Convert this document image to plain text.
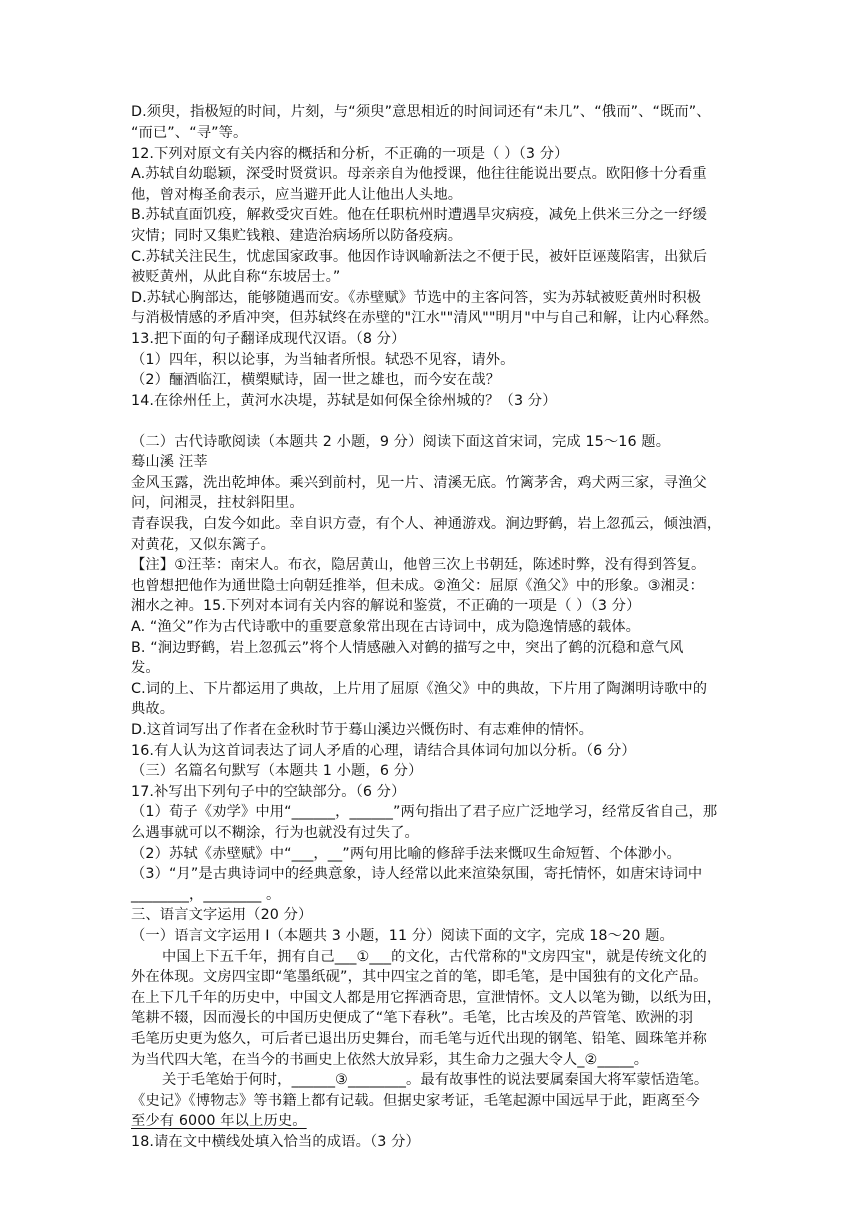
D.须臾，指极短的时间，片刻，与“须臾”意思相近的时间词还有“未几”、“俄而”、“既而”、
“而已”、“寻”等。
12.下列对原文有关内容的概括和分析，不正确的一项是（ ）（3 分）
A.苏轼自幼聪颖，深受时贤赏识。母亲亲自为他授课，他往往能说出要点。欧阳修十分看重
他，曾对梅圣俞表示，应当避开此人让他出人头地。
B.苏轼直面饥疫，解救受灾百姓。他在任职杭州时遭遇旱灾病疫，减免上供米三分之一纾缓
灾情；同时又集贮钱粮、建造治病场所以防备疫病。
C.苏轼关注民生，忧虑国家政事。他因作诗讽喻新法之不便于民，被奸臣诬蔑陷害，出狱后
被贬黄州，从此自称“东坡居士。”
D.苏轼心胸部达，能够随遇而安。《赤壁赋》节选中的主客问答，实为苏轼被贬黄州时积极
与消极情感的矛盾冲突，但苏轼终在赤壁的"江水""清风""明月"中与自己和解，让内心释然。
13.把下面的句子翻译成现代汉语。（8 分）
（1）四年，积以论事，为当轴者所恨。轼恐不见容，请外。
（2）酾酒临江，横槊赋诗，固一世之雄也，而今安在哉？
14.在徐州任上，黄河水决堤，苏轼是如何保全徐州城的？（3 分）
（二）古代诗歌阅读（本题共 2 小题，9 分）阅读下面这首宋词，完成 15～16 题。
蓦山溪 汪莘
金风玉露，洗出乾坤体。乘兴到前村，见一片、清溪无底。竹篱茅舍，鸡犬两三家，寻渔父
问，问湘灵，拄杖斜阳里。
青春误我，白发今如此。幸自识方壹，有个人、神通游戏。涧边野鹤，岩上忽孤云，倾浊酒，
对黄花，又似东篱子。
【注】①汪莘：南宋人。布衣，隐居黄山，他曾三次上书朝廷，陈述时弊，没有得到答复。
也曾想把他作为通世隐士向朝廷推举，但未成。②渔父：屈原《渔父》中的形象。③湘灵：
湘水之神。15.下列对本词有关内容的解说和鉴赏，不正确的一项是（ ）（3 分）
A. “渔父”作为古代诗歌中的重要意象常出现在古诗词中，成为隐逸情感的载体。
B. “涧边野鹤，岩上忽孤云”将个人情感融入对鹤的描写之中，突出了鹤的沉稳和意气风
发。
C.词的上、下片都运用了典故，上片用了屈原《渔父》中的典故，下片用了陶渊明诗歌中的
典故。
D.这首词写出了作者在金秋时节于蓦山溪边兴慨伤时、有志难伸的情怀。
16.有人认为这首词表达了词人矛盾的心理，请结合具体词句加以分析。（6 分）
（三）名篇名句默写（本题共 1 小题，6 分）
17.补写出下列句子中的空缺部分。（6 分）
（1）荀子《劝学》中用“______，______”两句指出了君子应广泛地学习，经常反省自己，那
么遇事就可以不糊涂，行为也就没有过失了。
（2）苏轼《赤壁赋》中“___，__”两句用比喻的修辞手法来慨叹生命短暂、个体渺小。
（3）“月”是古典诗词中的经典意象，诗人经常以此来渲染氛围，寄托情怀，如唐宋诗词中
________，________ 。
三、语言文字运用（20 分）
（一）语言文字运用 I（本题共 3 小题，11 分）阅读下面的文字，完成 18～20 题。
中国上下五千年，拥有自己___①___的文化，古代常称的"文房四宝"，就是传统文化的
外在体现。文房四宝即“笔墨纸砚”，其中四宝之首的笔，即毛笔，是中国独有的文化产品。
在上下几千年的历史中，中国文人都是用它挥洒奇思，宣泄情怀。文人以笔为锄，以纸为田，
笔耕不辍，因而漫长的中国历史便成了“笔下春秋”。毛笔，比古埃及的芦管笔、欧洲的羽
毛笔历史更为悠久，可后者已退出历史舞台，而毛笔与近代出现的钢笔、铅笔、圆珠笔并称
为当代四大笔，在当今的书画史上依然大放异彩，其生命力之强大令人_②_____。
关于毛笔始于何时，______③________。最有故事性的说法要属秦国大将军蒙恬造笔。
《史记》《博物志》等书籍上都有记载。但据史家考证，毛笔起源中国远早于此，距离至今
至少有 6000 年以上历史。
18.请在文中横线处填入恰当的成语。（3 分）
